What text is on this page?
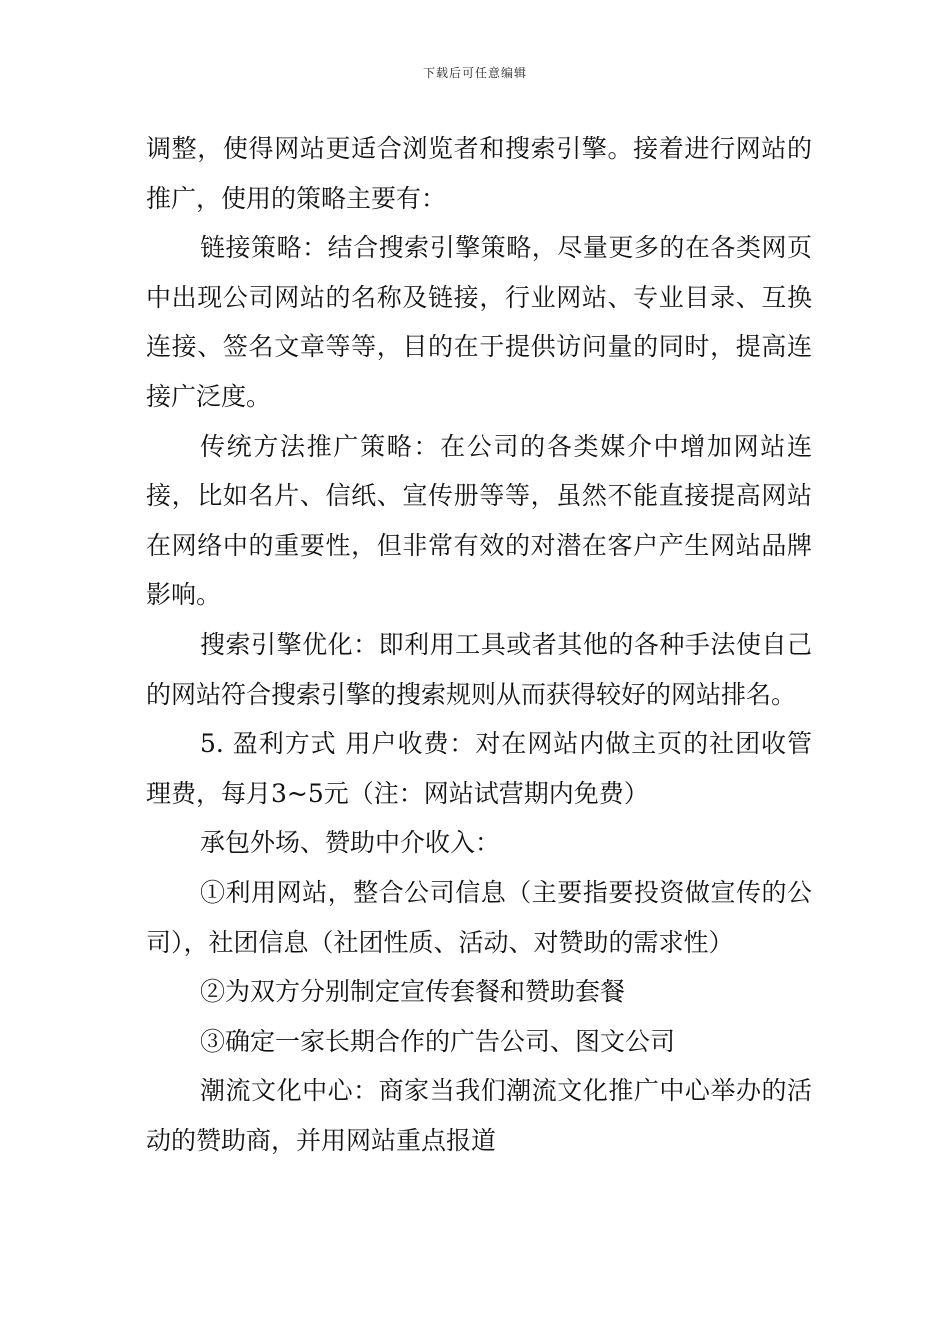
下载后可任意编辑

调整，使得网站更适合浏览者和搜索引擎。接着进行网站的推广，使用的策略主要有：

链接策略：结合搜索引擎策略，尽量更多的在各类网页中出现公司网站的名称及链接，行业网站、专业目录、互换连接、签名文章等等，目的在于提供访问量的同时，提高连接广泛度。

传统方法推广策略：在公司的各类媒介中增加网站连接，比如名片、信纸、宣传册等等，虽然不能直接提高网站在网络中的重要性，但非常有效的对潜在客户产生网站品牌影响。

搜索引擎优化：即利用工具或者其他的各种手法使自己的网站符合搜索引擎的搜索规则从而获得较好的网站排名。

5. 盈利方式 用户收费：对在网站内做主页的社团收管理费，每月3~5元（注：网站试营期内免费）

承包外场、赞助中介收入：

①利用网站，整合公司信息（主要指要投资做宣传的公司），社团信息（社团性质、活动、对赞助的需求性）

②为双方分别制定宣传套餐和赞助套餐

③确定一家长期合作的广告公司、图文公司

潮流文化中心：商家当我们潮流文化推广中心举办的活动的赞助商，并用网站重点报道
